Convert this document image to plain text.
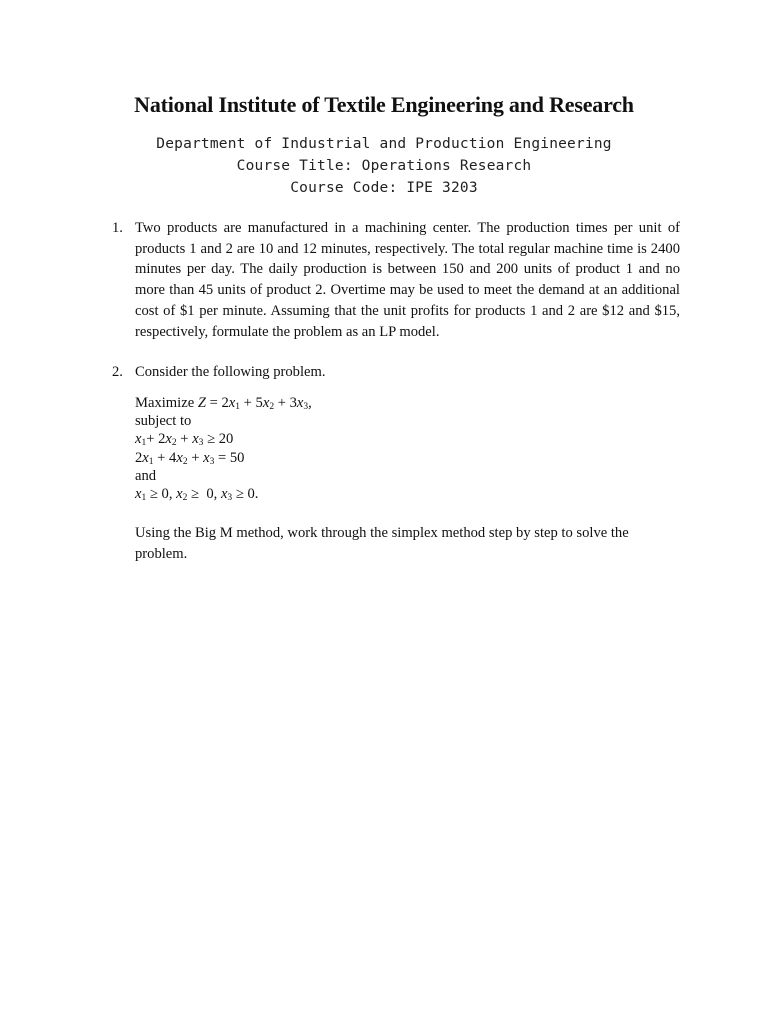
National Institute of Textile Engineering and Research
Department of Industrial and Production Engineering
Course Title: Operations Research
Course Code: IPE 3203
1. Two products are manufactured in a machining center. The production times per unit of products 1 and 2 are 10 and 12 minutes, respectively. The total regular machine time is 2400 minutes per day. The daily production is between 150 and 200 units of product 1 and no more than 45 units of product 2. Overtime may be used to meet the demand at an additional cost of $1 per minute. Assuming that the unit profits for products 1 and 2 are $12 and $15, respectively, formulate the problem as an LP model.
2. Consider the following problem.
Maximize $Z = 2x_1 + 5x_2 + 3x_3$,
subject to
$x_1+ 2x_2 + x_3 \ge 20$
$2x_1 + 4x_2 + x_3 = 50$
and
$x_1 \ge 0$, $x_2 \ge 0$, $x_3 \ge 0$.
Using the Big M method, work through the simplex method step by step to solve the problem.
